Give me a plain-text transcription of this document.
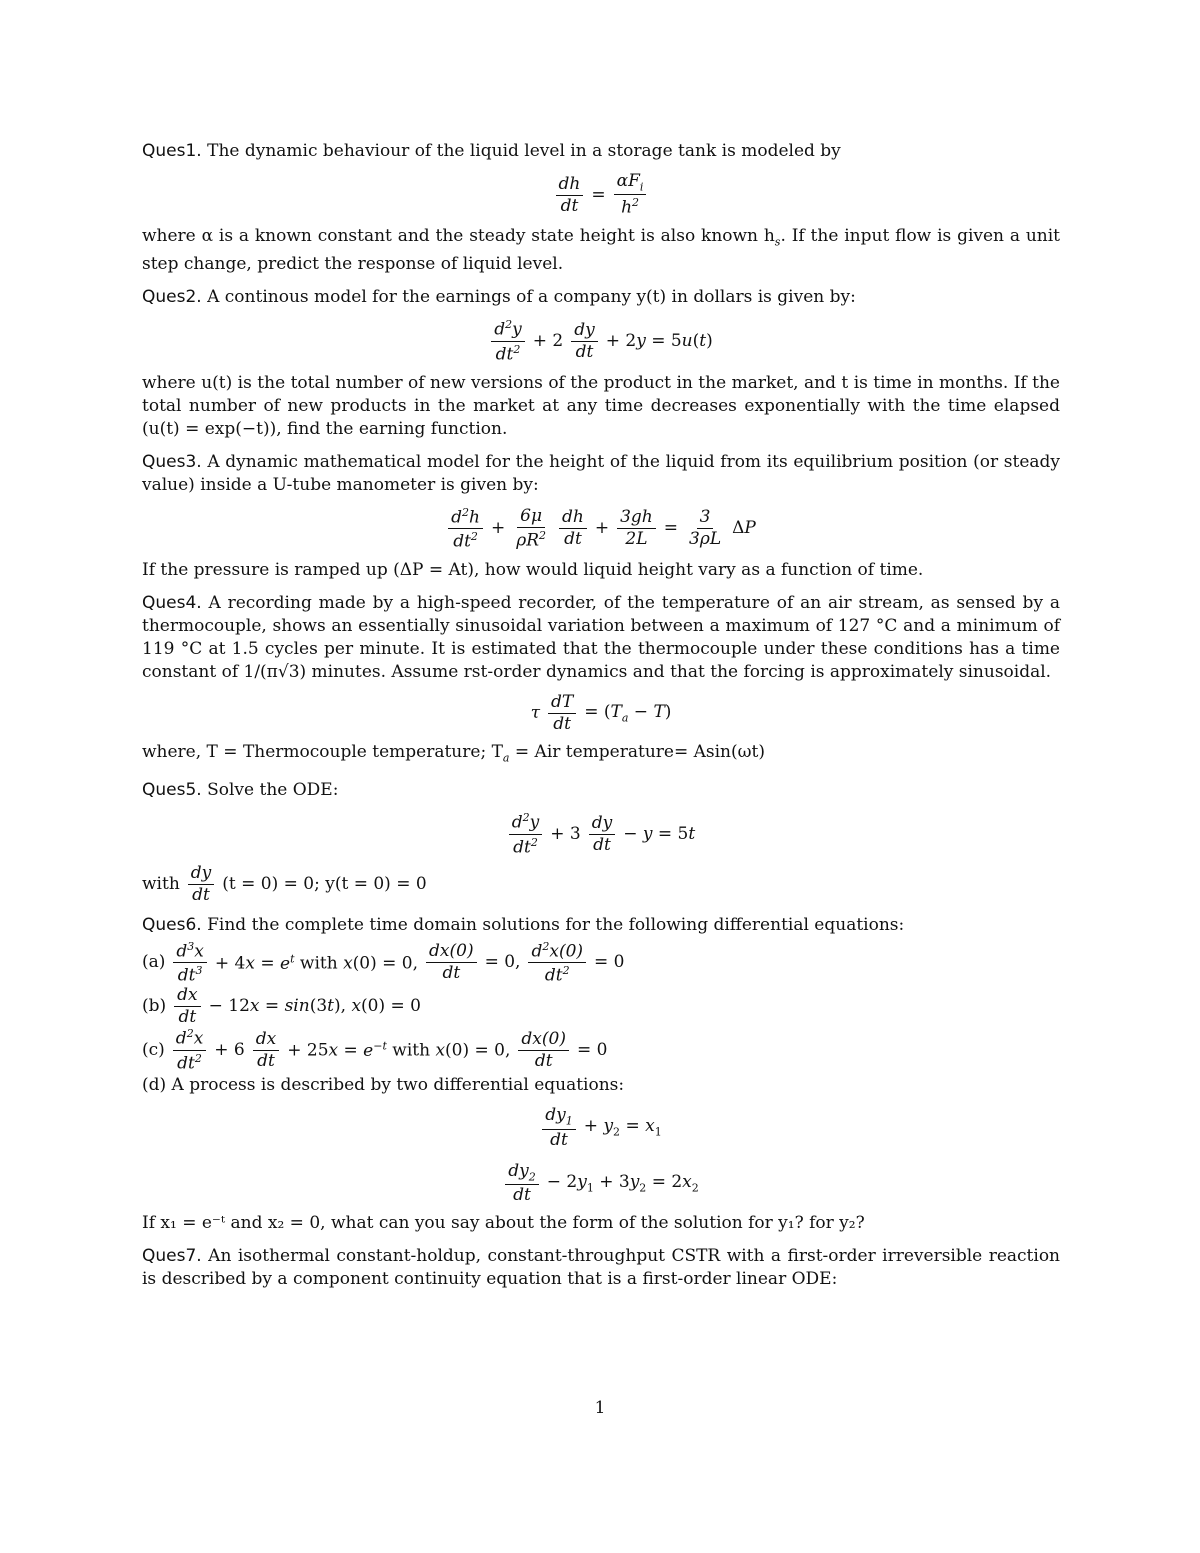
Ques1. The dynamic behaviour of the liquid level in a storage tank is modeled by

$\frac{dh}{dt} = \frac{\alpha F_i}{h^2}$

where α is a known constant and the steady state height is also known $h_s$. If the input flow is given a unit step change, predict the response of liquid level.

Ques2. A continous model for the earnings of a company y(t) in dollars is given by:

$\frac{d^2y}{dt^2} + 2 \frac{dy}{dt} + 2y = 5u(t)$

where u(t) is the total number of new versions of the product in the market, and t is time in months. If the total number of new products in the market at any time decreases exponentially with the time elapsed (u(t) = exp(−t)), find the earning function.

Ques3. A dynamic mathematical model for the height of the liquid from its equilibrium position (or steady value) inside a U-tube manometer is given by:

$\frac{d^2h}{dt^2} + \frac{6\mu}{\rho R^2} \frac{dh}{dt} + \frac{3gh}{2L} = \frac{3}{3\rho L}$ ΔP

If the pressure is ramped up (ΔP = At), how would liquid height vary as a function of time.

Ques4. A recording made by a high-speed recorder, of the temperature of an air stream, as sensed by a thermocouple, shows an essentially sinusoidal variation between a maximum of 127 °C and a minimum of 119 °C at 1.5 cycles per minute. It is estimated that the thermocouple under these conditions has a time constant of 1/(π√3) minutes. Assume rst-order dynamics and that the forcing is approximately sinusoidal.

τ $\frac{dT}{dt} = (T_a - T)$

where, T = Thermocouple temperature; $T_a$ = Air temperature= Asin(ωt)

Ques5. Solve the ODE:

$\frac{d^2y}{dt^2} + 3 \frac{dy}{dt} - y = 5t$
with $\frac{dy}{dt} (t = 0) = 0$; y(t = 0) = 0

Ques6. Find the complete time domain solutions for the following differential equations:

$(a) \frac{d^3x}{dt^3} + 4x = e^t$ with x(0) = 0, $\frac{dx(0)}{dt} = 0$, $\frac{d^2x(0)}{dt^2} = 0$
$(b) \frac{dx}{dt} - 12x = \sin(3t)$, x(0) = 0
$(c) \frac{d^2x}{dt^2} + 6 \frac{dx}{dt} + 25x = e^{-t}$ with x(0) = 0, $\frac{dx(0)}{dt} = 0$

(d) A process is described by two differential equations:

$\frac{dy_1}{dt} + y_2 = x_1$
$\frac{dy_2}{dt} - 2y_1 + 3y_2 = 2x_2$

If x₁ = e⁻ᵗ and x₂ = 0, what can you say about the form of the solution for y₁? for y₂?

Ques7. An isothermal constant-holdup, constant-throughput CSTR with a first-order irreversible reaction is described by a component continuity equation that is a first-order linear ODE:

1
